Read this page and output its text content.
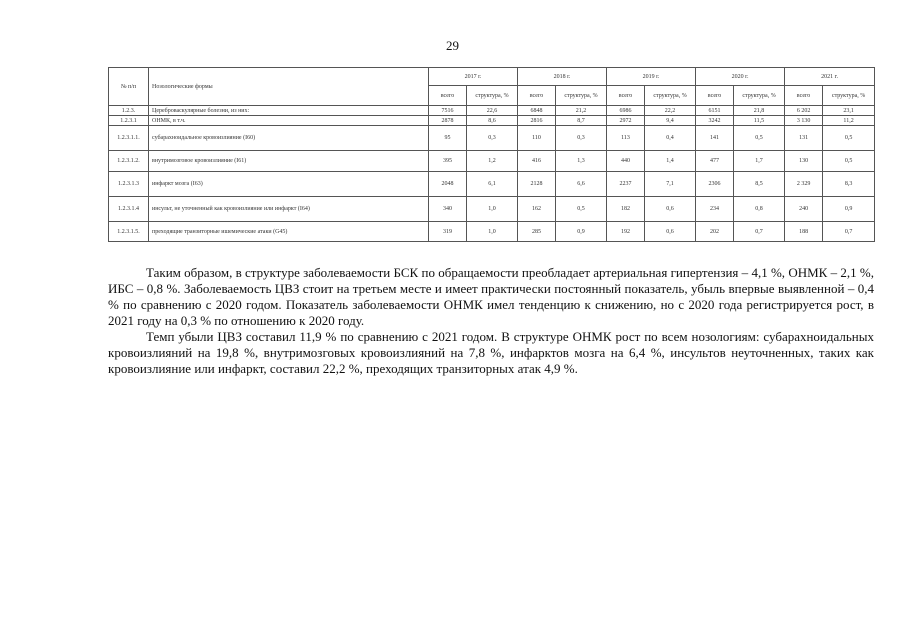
29
№ п/п	Нозологические формы	2017 г.		2018 г.		2019 г.		2020 г.		2021 г.	
		всего	структура, %	всего	структура, %	всего	структура, %	всего	структура, %	всего	структура, %
1.2.3.	Цереброваскулярные болезни, из них:	7516	22,6	6848	21,2	6986	22,2	6151	21,8	6 202	23,1
1.2.3.1	ОНМК, в т.ч.	2878	8,6	2816	8,7	2972	9,4	3242	11,5	3 130	11,2
1.2.3.1.1.	субарахноидальное кровоизлияние (I60)	95	0,3	110	0,3	113	0,4	141	0,5	131	0,5
1.2.3.1.2.	внутримозговое кровоизлияние (I61)	395	1,2	416	1,3	440	1,4	477	1,7	130	0,5
1.2.3.1.3	инфаркт мозга (I63)	2048	6,1	2128	6,6	2237	7,1	2306	8,5	2 329	8,3
1.2.3.1.4	инсульт, не уточненный как кровоизлияние или инфаркт (I64)	340	1,0	162	0,5	182	0,6	234	0,8	240	0,9
1.2.3.1.5.	преходящие транзиторные ишемические атаки (G45)	319	1,0	285	0,9	192	0,6	202	0,7	188	0,7

Таким образом, в структуре заболеваемости БСК по обращаемости преобладает артериальная гипертензия – 4,1 %, ОНМК – 2,1 %, ИБС – 0,8 %. Заболеваемость ЦВЗ стоит на третьем месте и имеет практически постоянный показатель, убыль впервые выявленной – 0,4 % по сравнению с 2020 годом. Показатель заболеваемости ОНМК имел тенденцию к снижению, но с 2020 года регистрируется рост, в 2021 году на 0,3 % по отношению к 2020 году.

Темп убыли ЦВЗ составил 11,9 % по сравнению с 2021 годом. В структуре ОНМК рост по всем нозологиям: субарахноидальных кровоизлияний на 19,8 %, внутримозговых кровоизлияний на 7,8 %, инфарктов мозга на 6,4 %, инсультов неуточненных, таких как кровоизлияние или инфаркт, составил 22,2 %, преходящих транзиторных атак 4,9 %.
